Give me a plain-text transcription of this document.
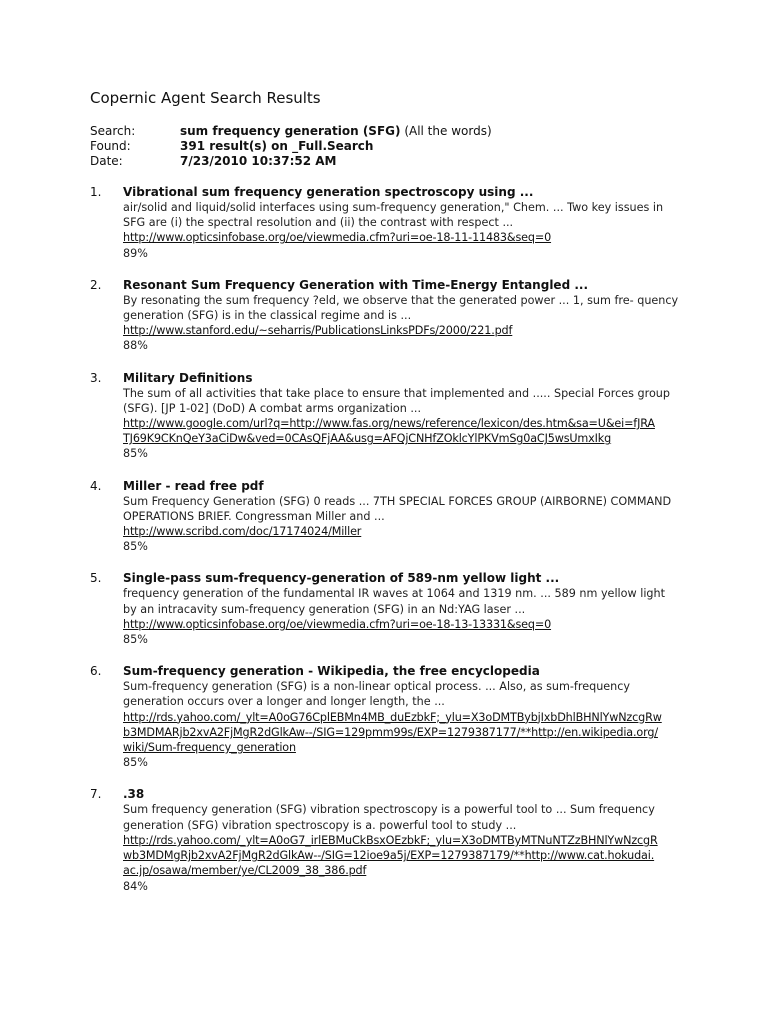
Copernic Agent Search Results
Search:	sum frequency generation (SFG) (All the words)
Found:	391 result(s) on _Full.Search
Date:	7/23/2010 10:37:52 AM
1.	Vibrational sum frequency generation spectroscopy using ...
air/solid and liquid/solid interfaces using sum-frequency generation," Chem. ... Two key issues in
SFG are (i) the spectral resolution and (ii) the contrast with respect ...
http://www.opticsinfobase.org/oe/viewmedia.cfm?uri=oe-18-11-11483&seq=0
89%
2.	Resonant Sum Frequency Generation with Time-Energy Entangled ...
By resonating the sum frequency ?eld, we observe that the generated power ... 1, sum fre- quency
generation (SFG) is in the classical regime and is ...
http://www.stanford.edu/~seharris/PublicationsLinksPDFs/2000/221.pdf
88%
3.	Military Definitions
The sum of all activities that take place to ensure that implemented and ..... Special Forces group
(SFG). [JP 1-02] (DoD) A combat arms organization ...
http://www.google.com/url?q=http://www.fas.org/news/reference/lexicon/des.htm&sa=U&ei=fJRA
TJ69K9CKnQeY3aCiDw&ved=0CAsQFjAA&usg=AFQjCNHfZOklcYlPKVmSg0aCJ5wsUmxIkg
85%
4.	Miller - read free pdf
Sum Frequency Generation (SFG) 0 reads ... 7TH SPECIAL FORCES GROUP (AIRBORNE) COMMAND
OPERATIONS BRIEF. Congressman Miller and ...
http://www.scribd.com/doc/17174024/Miller
85%
5.	Single-pass sum-frequency-generation of 589-nm yellow light ...
frequency generation of the fundamental IR waves at 1064 and 1319 nm. ... 589 nm yellow light
by an intracavity sum-frequency generation (SFG) in an Nd:YAG laser ...
http://www.opticsinfobase.org/oe/viewmedia.cfm?uri=oe-18-13-13331&seq=0
85%
6.	Sum-frequency generation - Wikipedia, the free encyclopedia
Sum-frequency generation (SFG) is a non-linear optical process. ... Also, as sum-frequency
generation occurs over a longer and longer length, the ...
http://rds.yahoo.com/_ylt=A0oG76CplEBMn4MB_duEzbkF;_ylu=X3oDMTBybjIxbDhlBHNlYwNzcgRw
b3MDMARjb2xvA2FjMgR2dGlkAw--/SIG=129pmm99s/EXP=1279387177/**http://en.wikipedia.org/
wiki/Sum-frequency_generation
85%
7.	.38
Sum frequency generation (SFG) vibration spectroscopy is a powerful tool to ... Sum frequency
generation (SFG) vibration spectroscopy is a. powerful tool to study ...
http://rds.yahoo.com/_ylt=A0oG7_irlEBMuCkBsxOEzbkF;_ylu=X3oDMTByMTNuNTZzBHNlYwNzcgR
wb3MDMgRjb2xvA2FjMgR2dGlkAw--/SIG=12ioe9a5j/EXP=1279387179/**http://www.cat.hokudai.
ac.jp/osawa/member/ye/CL2009_38_386.pdf
84%
